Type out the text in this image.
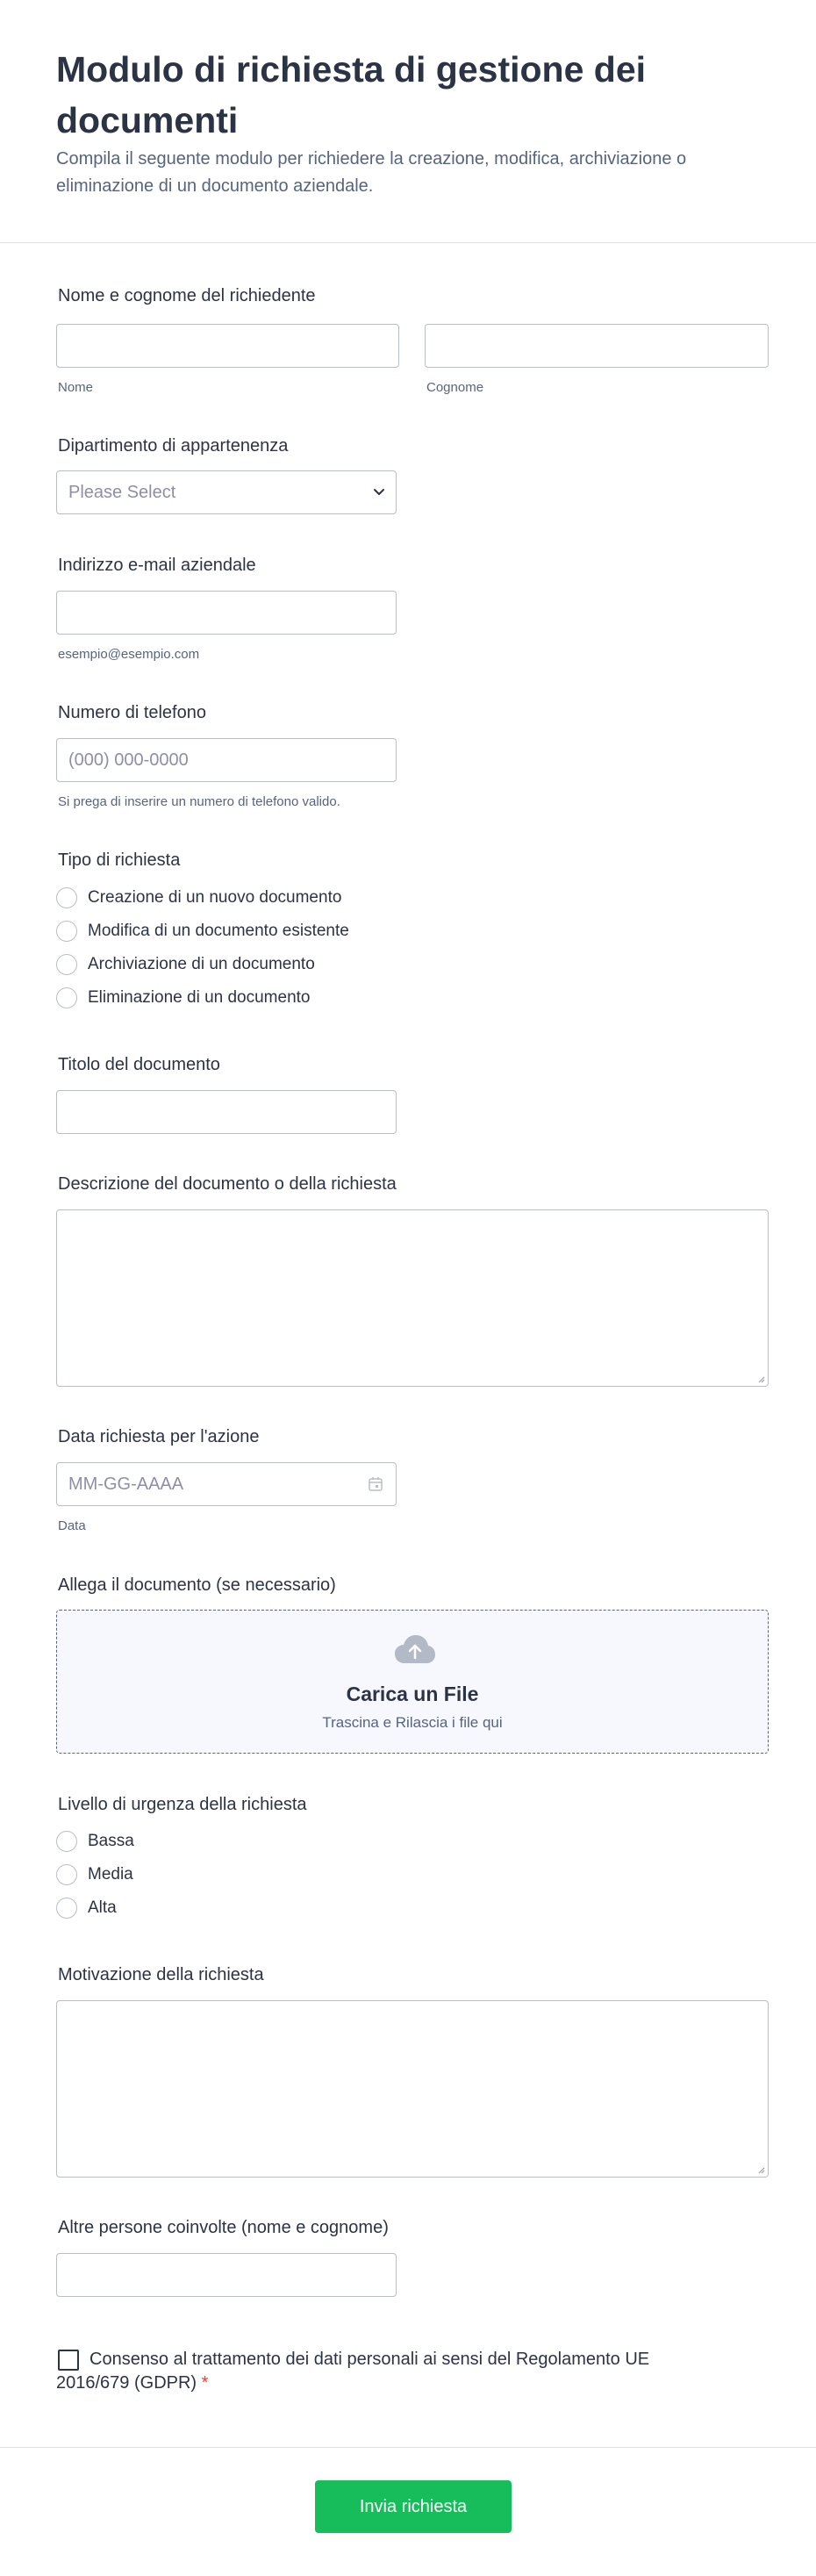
Modulo di richiesta di gestione dei documenti

Compila il seguente modulo per richiedere la creazione, modifica, archiviazione o eliminazione di un documento aziendale.

Nome e cognome del richiedente
Nome	Cognome
Dipartimento di appartenenza
Please Select
Indirizzo e-mail aziendale
esempio@esempio.com
Numero di telefono
(000) 000-0000
Si prega di inserire un numero di telefono valido.
Tipo di richiesta
Creazione di un nuovo documento
Modifica di un documento esistente
Archiviazione di un documento
Eliminazione di un documento
Titolo del documento
Descrizione del documento o della richiesta
Data richiesta per l'azione
MM-GG-AAAA
Data
Allega il documento (se necessario)
Carica un File
Trascina e Rilascia i file qui
Livello di urgenza della richiesta
Bassa
Media
Alta
Motivazione della richiesta
Altre persone coinvolte (nome e cognome)
Consenso al trattamento dei dati personali ai sensi del Regolamento UE 2016/679 (GDPR) *
Invia richiesta
